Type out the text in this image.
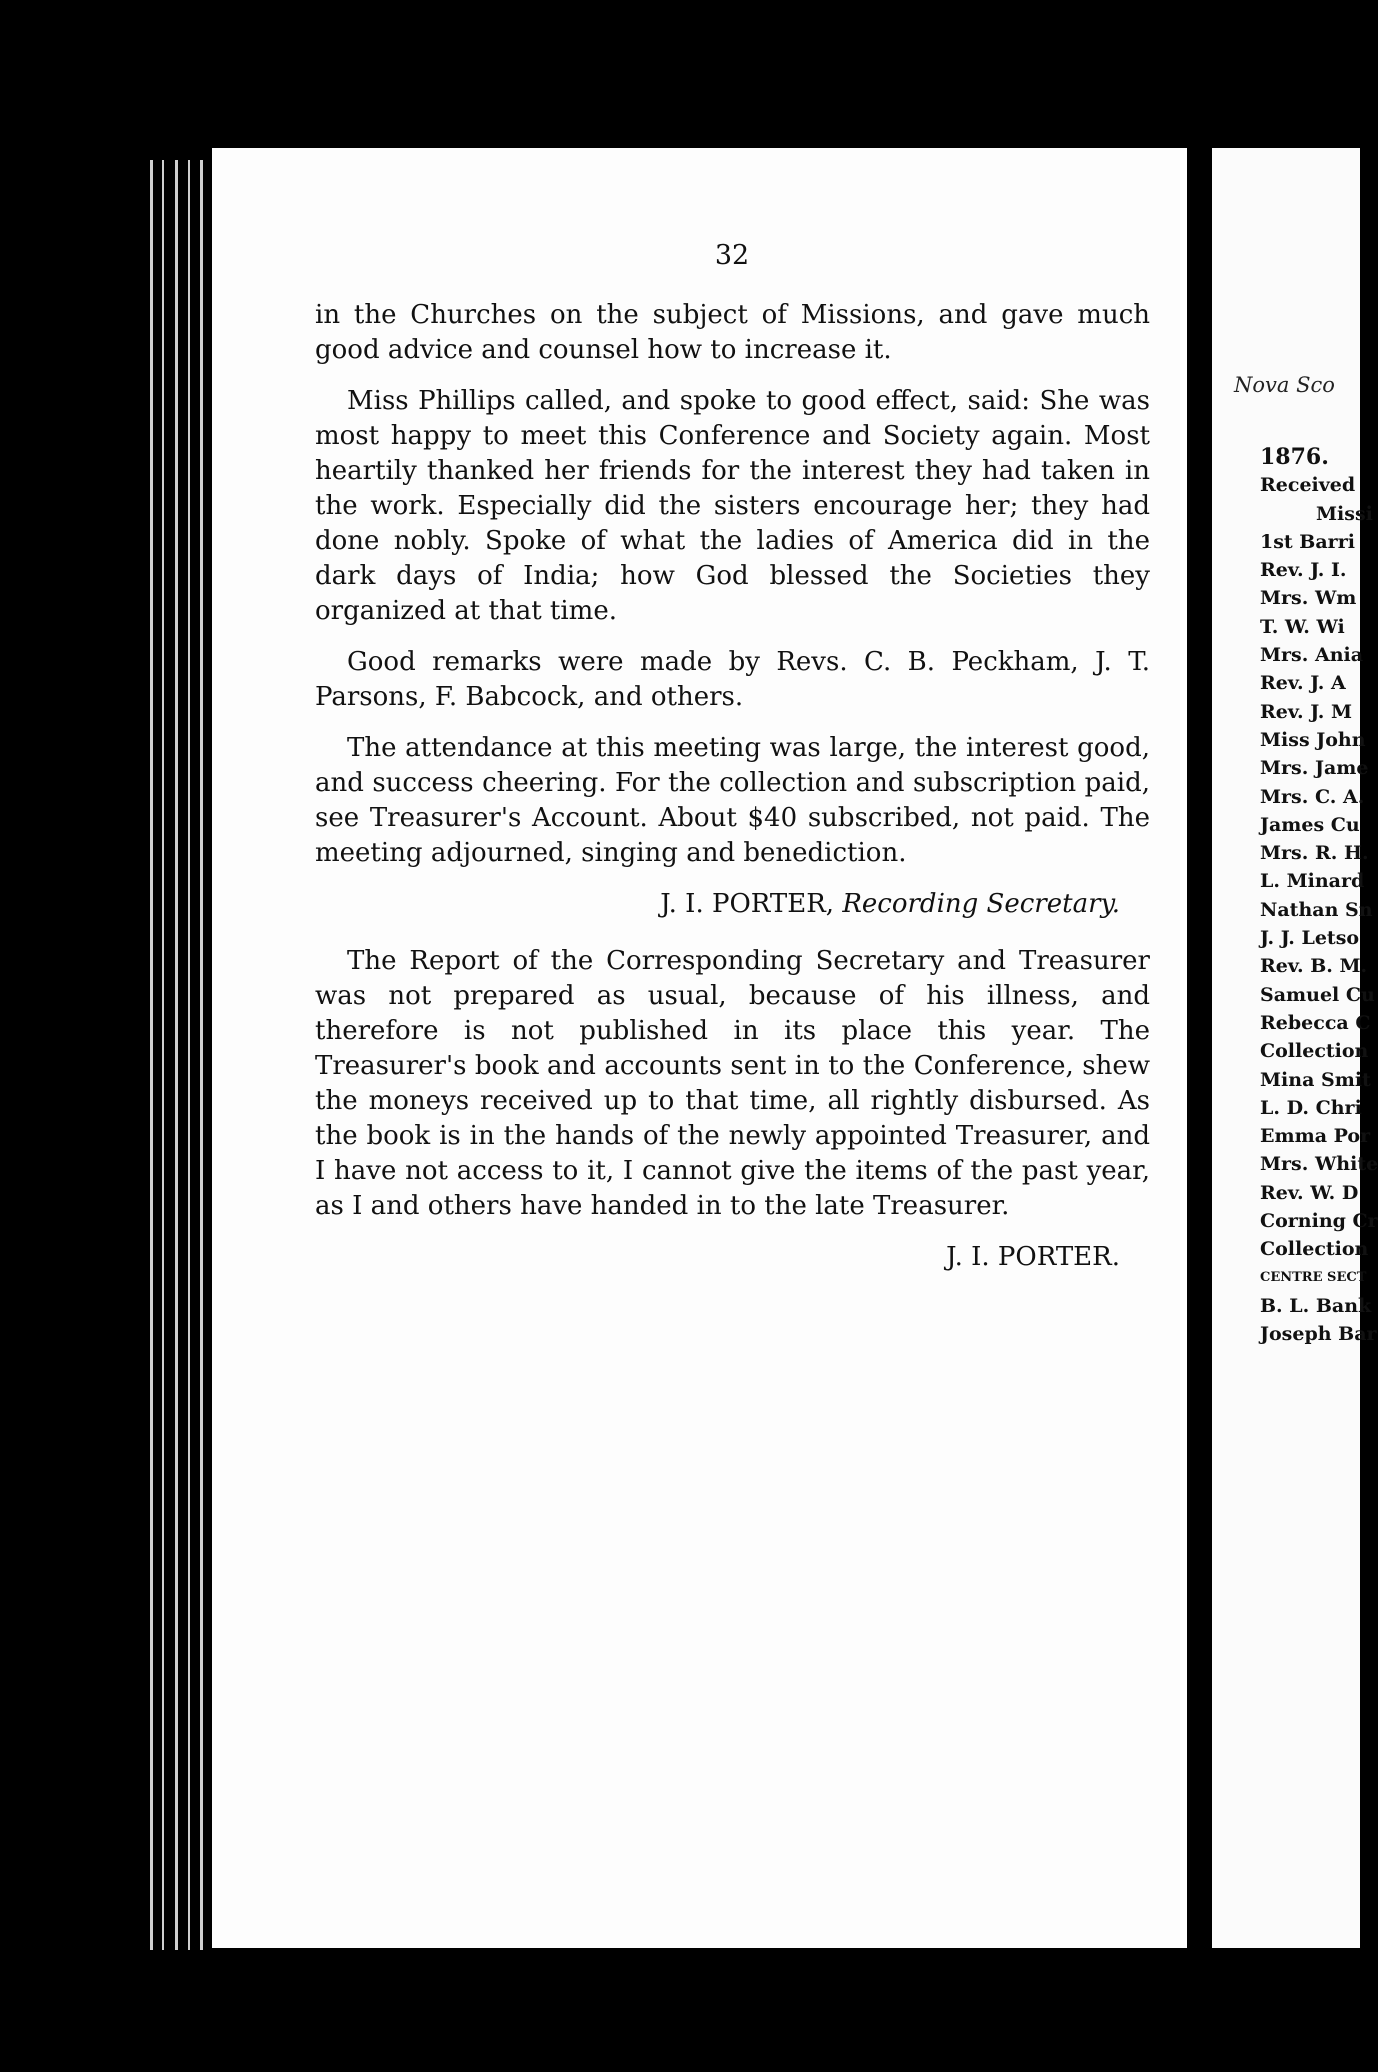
32

in the Churches on the subject of Missions, and gave much good advice and counsel how to increase it.

Miss Phillips called, and spoke to good effect, said: She was most happy to meet this Conference and Society again. Most heartily thanked her friends for the interest they had taken in the work. Especially did the sisters encourage her; they had done nobly. Spoke of what the ladies of America did in the dark days of India; how God blessed the Societies they organized at that time.

Good remarks were made by Revs. C. B. Peckham, J. T. Parsons, F. Babcock, and others.

The attendance at this meeting was large, the interest good, and success cheering. For the collection and subscription paid, see Treasurer's Account. About $40 subscribed, not paid. The meeting adjourned, singing and benediction.

J. I. PORTER, Recording Secretary.

The Report of the Corresponding Secretary and Treasurer was not prepared as usual, because of his illness, and therefore is not published in its place this year. The Treasurer's book and accounts sent in to the Conference, shew the moneys received up to that time, all rightly disbursed. As the book is in the hands of the newly appointed Treasurer, and I have not access to it, I cannot give the items of the past year, as I and others have handed in to the late Treasurer.

J. I. PORTER.

Nova Sco
1876.
Received
Missi
1st Barri
Rev. J. I.
Mrs. Wm
T. W. Wi
Mrs. Ania
Rev. J. A
Rev. J. M
Miss John
Mrs. Jame
Mrs. C. A.
James Cu
Mrs. R. H.
L. Minard
Nathan Sn
J. J. Letso
Rev. B. M.
Samuel Cu
Rebecca C
Collection
Mina Smit
L. D. Chri
Emma Por
Mrs. White
Rev. W. D
Corning Cr
Collection
CENTRE SECT
B. L. Bank
Joseph Bar
